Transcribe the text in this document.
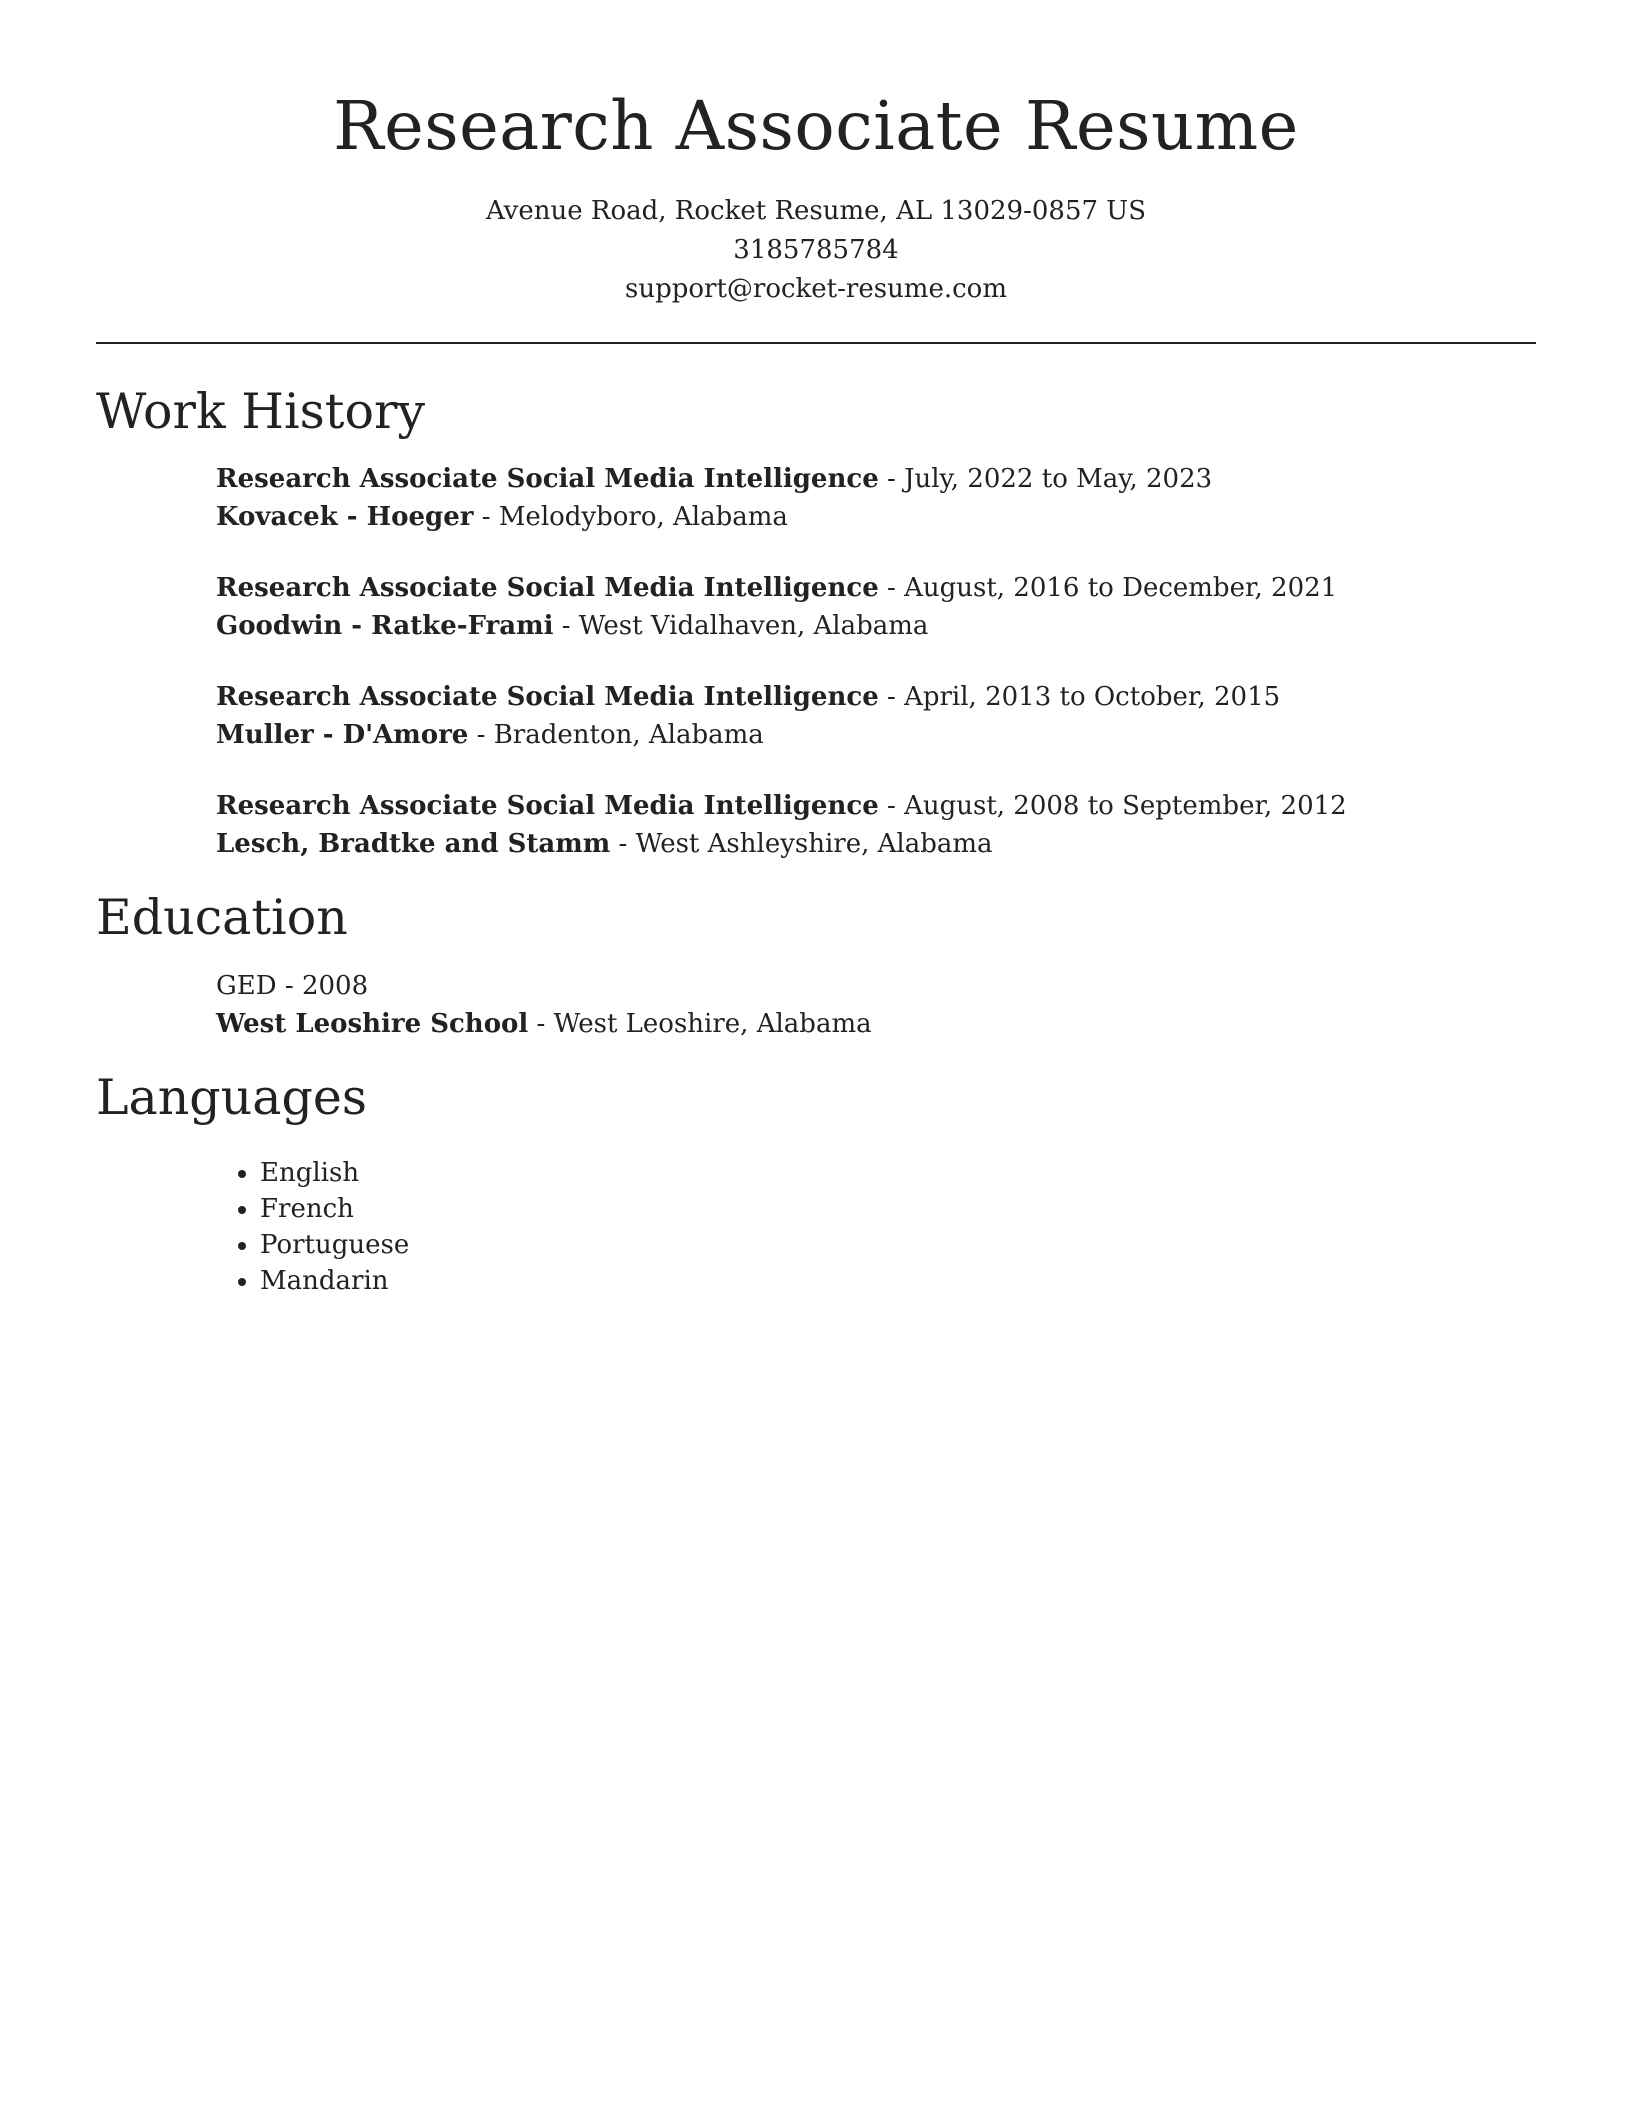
Research Associate Resume
Avenue Road, Rocket Resume, AL 13029-0857 US
3185785784
support@rocket-resume.com
Work History
Research Associate Social Media Intelligence - July, 2022 to May, 2023
Kovacek - Hoeger - Melodyboro, Alabama
Research Associate Social Media Intelligence - August, 2016 to December, 2021
Goodwin - Ratke-Frami - West Vidalhaven, Alabama
Research Associate Social Media Intelligence - April, 2013 to October, 2015
Muller - D'Amore - Bradenton, Alabama
Research Associate Social Media Intelligence - August, 2008 to September, 2012
Lesch, Bradtke and Stamm - West Ashleyshire, Alabama
Education
GED - 2008
West Leoshire School - West Leoshire, Alabama
Languages
• English
• French
• Portuguese
• Mandarin
